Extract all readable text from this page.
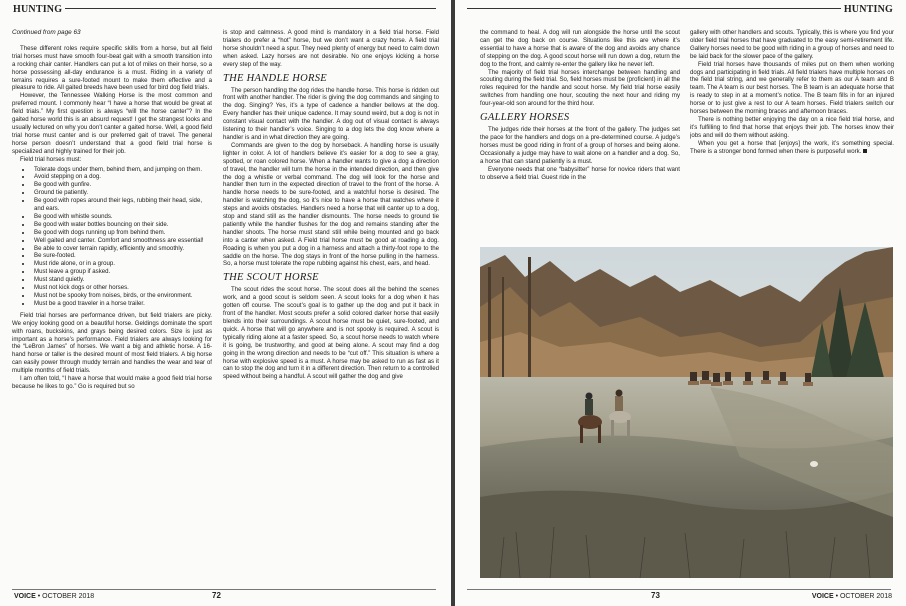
HUNTING

Continued from page 63

These different roles require specific skills from a horse, but all field trial horses must have smooth four-beat gait with a smooth transition into a rocking chair canter. Handlers can put a lot of miles on their horse, so a horse possessing all-day endurance is a must. Riding in a variety of terrains requires a sure-footed mount to make them effective and a pleasure to ride. All gaited breeds have been used for bird dog field trials.

However, the Tennessee Walking Horse is the most common and preferred mount. I commonly hear “I have a horse that would be great at field trials.” My first question is always “will the horse canter”? In the gaited horse world this is an absurd request! I get the strangest looks and usually lectured on why you don’t canter a gaited horse. Well, a good field trial horse must canter and is our preferred gait of travel. The general horse person doesn’t understand that a good field trial horse is specialized and highly trained for their job.

Field trial horses must:

• Tolerate dogs under them, behind them, and jumping on them.
• Avoid stepping on a dog.
• Be good with gunfire.
• Ground tie patiently.
• Be good with ropes around their legs, rubbing their head, side, and ears.
• Be good with whistle sounds.
• Be good with water bottles bouncing on their side.
• Be good with dogs running up from behind them.
• Well gaited and canter. Comfort and smoothness are essential!
• Be able to cover terrain rapidly, efficiently and smoothly.
• Be sure-footed.
• Must ride alone, or in a group.
• Must leave a group if asked.
• Must stand quietly.
• Must not kick dogs or other horses.
• Must not be spooky from noises, birds, or the environment.
• Must be a good traveler in a horse trailer.

Field trial horses are performance driven, but field trialers are picky. We enjoy looking good on a beautiful horse. Geldings dominate the sport with roans, buckskins, and grays being desired colors. Size is just as important as a horse’s performance. Field trialers are always looking for the “LeBron James” of horses. We want a big and athletic horse. A 16-hand horse or taller is the desired mount of most field trialers. A big horse can easily power through muddy terrain and handles the wear and tear of multiple months of field trials.

I am often told, “I have a horse that would make a good field trial horse because he likes to go.” Go is required but so

is stop and calmness. A good mind is mandatory in a field trial horse. Field trialers do prefer a “hot” horse, but we don’t want a crazy horse. A field trial horse shouldn’t need a spur. They need plenty of energy but need to calm down when asked. Lazy horses are not desirable. No one enjoys kicking a horse every step of the way.

THE HANDLE HORSE

The person handling the dog rides the handle horse. This horse is ridden out front with another handler. The rider is giving the dog commands and singing to the dog. Singing? Yes, it’s a type of cadence a handler bellows at the dog. Every handler has their unique cadence. It may sound weird, but a dog is not in constant visual contact with the handler. A dog out of visual contact is always listening to their handler’s voice. Singing to a dog lets the dog know where a handler is and in what direction they are going.

Commands are given to the dog by horseback. A handling horse is usually lighter in color. A lot of handlers believe it’s easier for a dog to see a gray, spotted, or roan colored horse. When a handler wants to give a dog a direction of travel, the handler will turn the horse in the intended direction, and then give the dog a whistle or verbal command. The dog will look for the horse and handler then turn in the expected direction of travel to the front of the horse. A handle horse needs to be sure-footed, and a watchful horse is desired. The handler is watching the dog, so it’s nice to have a horse that watches where it steps and avoids obstacles. Handlers need a horse that will canter up to a dog, stop and stand still as the handler dismounts. The horse needs to ground tie patiently while the handler flushes for the dog and remains standing after the handler shoots. The horse must stand still while being mounted and go back into a canter when asked. A Field trial horse must be good at roading a dog. Roading is when you put a dog in a harness and attach a thirty-foot rope to the saddle on the horse. The dog stays in front of the horse pulling in the harness. So, a horse must tolerate the rope rubbing against his chest, ears, and head.

THE SCOUT HORSE

The scout rides the scout horse. The scout does all the behind the scenes work, and a good scout is seldom seen. A scout looks for a dog when it has gotten off course. The scout’s goal is to gather up the dog and put it back in front of the handler. Most scouts prefer a solid colored darker horse that easily blends into their surroundings. A scout horse must be quiet, sure-footed, and quick. A horse that will go anywhere and is not spooky is required. A scout is typically riding alone at a faster speed. So, a scout horse needs to watch where it is going, be trustworthy, and good at being alone. A scout may find a dog going in the wrong direction and needs to be “cut off.” This situation is where a horse with explosive speed is a must. A horse may be asked to run as fast as it can to stop the dog and turn it in a different direction. Then return to a controlled speed without being a handful. A scout will gather the dog and give

VOICE • OCTOBER 2018	72
HUNTING

the command to heal. A dog will run alongside the horse until the scout can get the dog back on course. Situations like this are where it’s essential to have a horse that is aware of the dog and avoids any chance of stepping on the dog. A good scout horse will run down a dog, return the dog to the front, and calmly re-enter the gallery like he never left.

The majority of field trial horses interchange between handling and scouting during the field trial. So, field horses must be (proficient) in all the roles required for the handle and scout horse. My field trial horse easily switches from handling one hour, scouting the next hour and riding my four-year-old son around for the third hour.

GALLERY HORSES

The judges ride their horses at the front of the gallery. The judges set the pace for the handlers and dogs on a pre-determined course. A judge’s horses must be good riding in front of a group of horses and being alone. Occasionally a judge may have to wait alone on a handler and a dog. So, a horse that can stand patiently is a must.

Everyone needs that one “babysitter” horse for novice riders that want to observe a field trial. Guest ride in the

gallery with other handlers and scouts. Typically, this is where you find your older field trial horses that have graduated to the easy semi-retirement life. Gallery horses need to be good with riding in a group of horses and need to be laid back for the slower pace of the gallery.

Field trial horses have thousands of miles put on them when working dogs and participating in field trials. All field trialers have multiple horses on the field trial string, and we generally refer to them as our A team and B team. The A team is our best horses. The B team is an adequate horse that is ready to step in at a moment’s notice. The B team fills in for an injured horse or to just give a rest to our A team horses. Field trialers switch our horses between the morning braces and afternoon braces.

There is nothing better enjoying the day on a nice field trial horse, and it’s fulfilling to find that horse that enjoys their job. The horses know their jobs and will do them without asking.

When you get a horse that [enjoys] the work, it’s something special. There is a stronger bond formed when there is purposeful work.

73	VOICE • OCTOBER 2018
